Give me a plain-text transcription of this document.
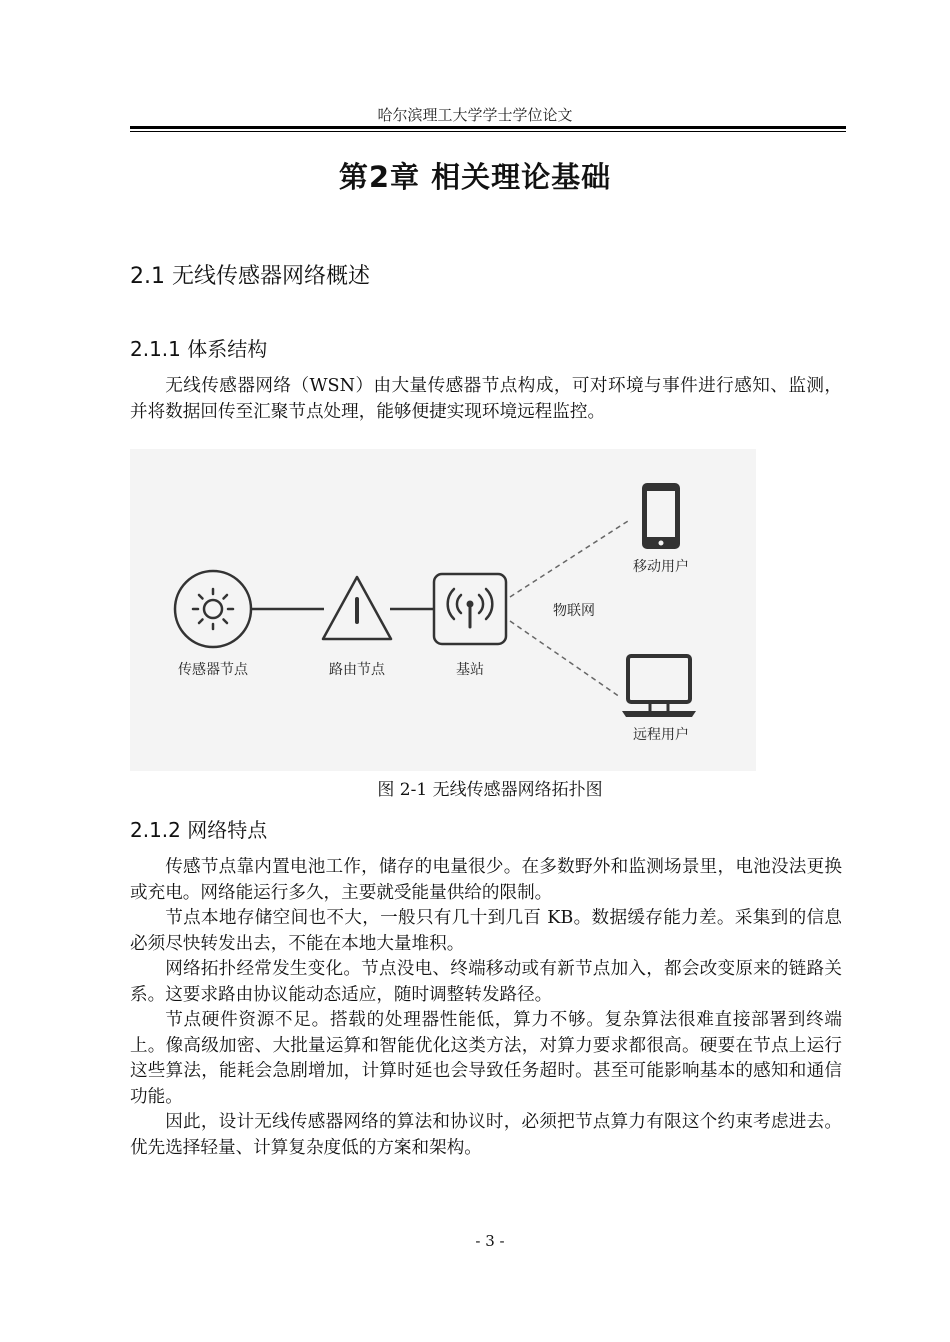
哈尔滨理工大学学士学位论文
第2章 相关理论基础
2.1 无线传感器网络概述
2.1.1 体系结构

无线传感器网络（WSN）由大量传感器节点构成，可对环境与事件进行感知、监测，并将数据回传至汇聚节点处理，能够便捷实现环境远程监控。

传感器节点	路由节点	基站
物联网
移动用户
远程用户
图 2-1 无线传感器网络拓扑图
2.1.2 网络特点

传感节点靠内置电池工作，储存的电量很少。在多数野外和监测场景里，电池没法更换或充电。网络能运行多久，主要就受能量供给的限制。

节点本地存储空间也不大，一般只有几十到几百 KB。数据缓存能力差。采集到的信息必须尽快转发出去，不能在本地大量堆积。

网络拓扑经常发生变化。节点没电、终端移动或有新节点加入，都会改变原来的链路关系。这要求路由协议能动态适应，随时调整转发路径。

节点硬件资源不足。搭载的处理器性能低，算力不够。复杂算法很难直接部署到终端上。像高级加密、大批量运算和智能优化这类方法，对算力要求都很高。硬要在节点上运行这些算法，能耗会急剧增加，计算时延也会导致任务超时。甚至可能影响基本的感知和通信功能。

因此，设计无线传感器网络的算法和协议时，必须把节点算力有限这个约束考虑进去。优先选择轻量、计算复杂度低的方案和架构。

- 3 -
